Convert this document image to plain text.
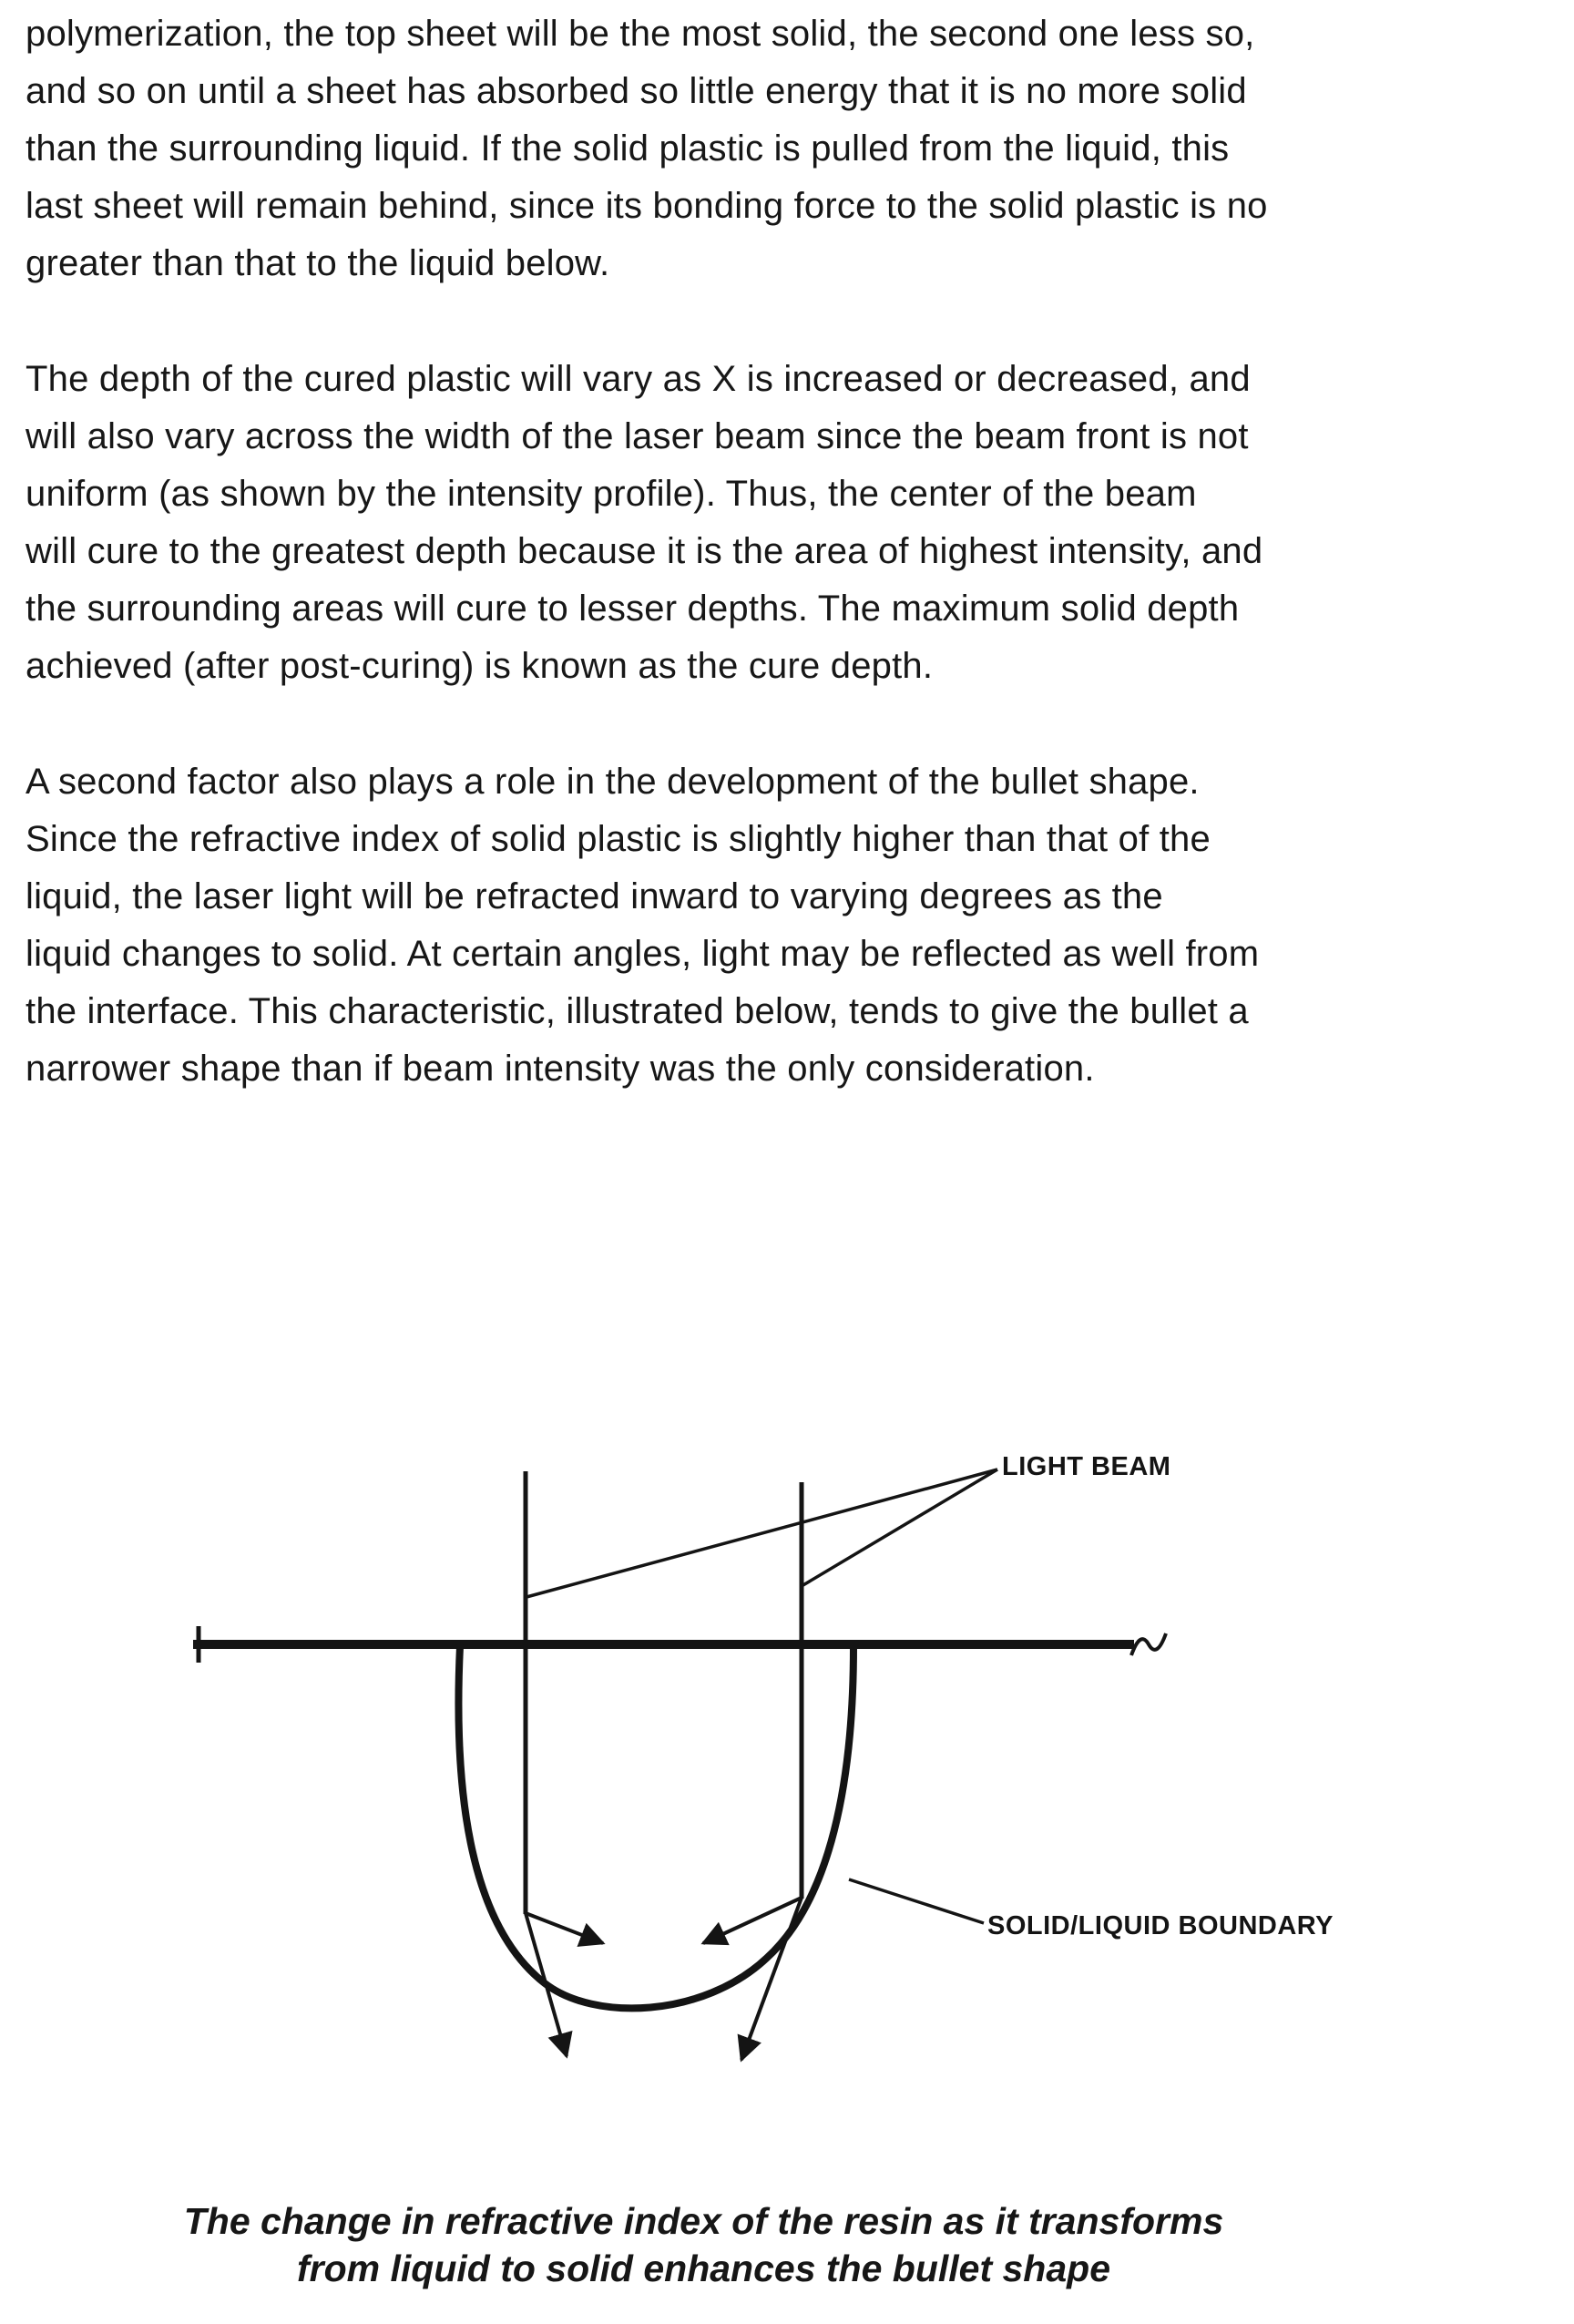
polymerization, the top sheet will be the most solid, the second one less so,
and so on until a sheet has absorbed so little energy that it is no more solid
than the surrounding liquid. If the solid plastic is pulled from the liquid, this
last sheet will remain behind, since its bonding force to the solid plastic is no
greater than that to the liquid below.

The depth of the cured plastic will vary as X is increased or decreased, and
will also vary across the width of the laser beam since the beam front is not
uniform (as shown by the intensity profile). Thus, the center of the beam
will cure to the greatest depth because it is the area of highest intensity, and
the surrounding areas will cure to lesser depths. The maximum solid depth
achieved (after post-curing) is known as the cure depth.

A second factor also plays a role in the development of the bullet shape.
Since the refractive index of solid plastic is slightly higher than that of the
liquid, the laser light will be refracted inward to varying degrees as the
liquid changes to solid. At certain angles, light may be reflected as well from
the interface. This characteristic, illustrated below, tends to give the bullet a
narrower shape than if beam intensity was the only consideration.

LIGHT BEAM
SOLID/LIQUID BOUNDARY
The change in refractive index of the resin as it transforms
from liquid to solid enhances the bullet shape
